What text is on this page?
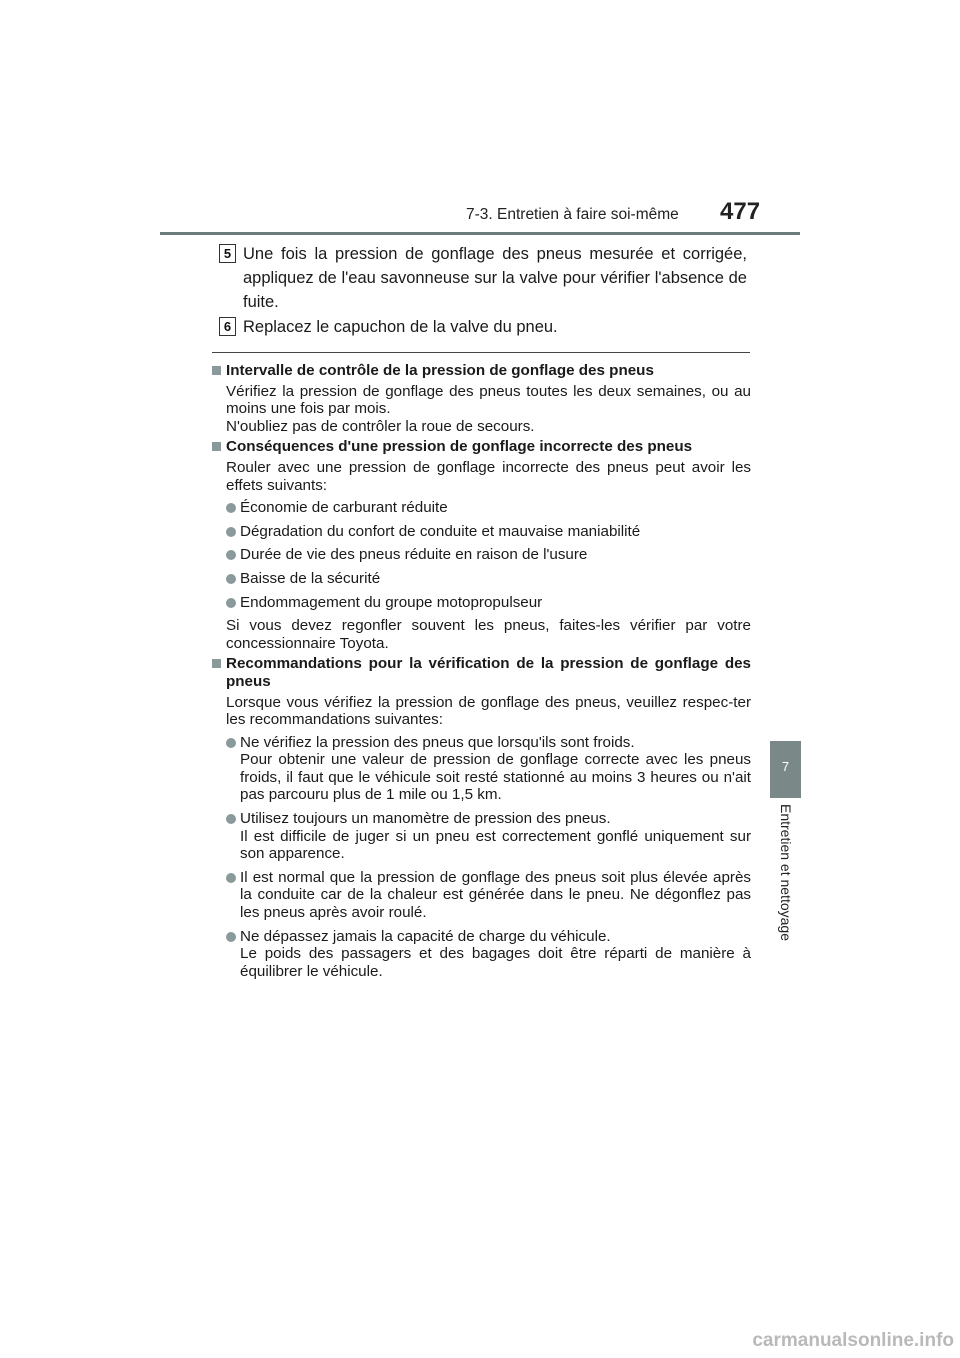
7-3. Entretien à faire soi-même 477
7
Entretien et nettoyage
5 Une fois la pression de gonflage des pneus mesurée et corrigée, appliquez de l'eau savonneuse sur la valve pour vérifier l'absence de fuite.
6 Replacez le capuchon de la valve du pneu.
Intervalle de contrôle de la pression de gonflage des pneus
Vérifiez la pression de gonflage des pneus toutes les deux semaines, ou au moins une fois par mois.
N'oubliez pas de contrôler la roue de secours.
Conséquences d'une pression de gonflage incorrecte des pneus
Rouler avec une pression de gonflage incorrecte des pneus peut avoir les effets suivants:
Économie de carburant réduite
Dégradation du confort de conduite et mauvaise maniabilité
Durée de vie des pneus réduite en raison de l'usure
Baisse de la sécurité
Endommagement du groupe motopropulseur
Si vous devez regonfler souvent les pneus, faites-les vérifier par votre concessionnaire Toyota.
Recommandations pour la vérification de la pression de gonflage des pneus
Lorsque vous vérifiez la pression de gonflage des pneus, veuillez respec-ter les recommandations suivantes:
Ne vérifiez la pression des pneus que lorsqu'ils sont froids.
Pour obtenir une valeur de pression de gonflage correcte avec les pneus froids, il faut que le véhicule soit resté stationné au moins 3 heures ou n'ait pas parcouru plus de 1 mile ou 1,5 km.
Utilisez toujours un manomètre de pression des pneus.
Il est difficile de juger si un pneu est correctement gonflé uniquement sur son apparence.
Il est normal que la pression de gonflage des pneus soit plus élevée après la conduite car de la chaleur est générée dans le pneu. Ne dégonflez pas les pneus après avoir roulé.
Ne dépassez jamais la capacité de charge du véhicule.
Le poids des passagers et des bagages doit être réparti de manière à équilibrer le véhicule.
carmanualsonline.info
